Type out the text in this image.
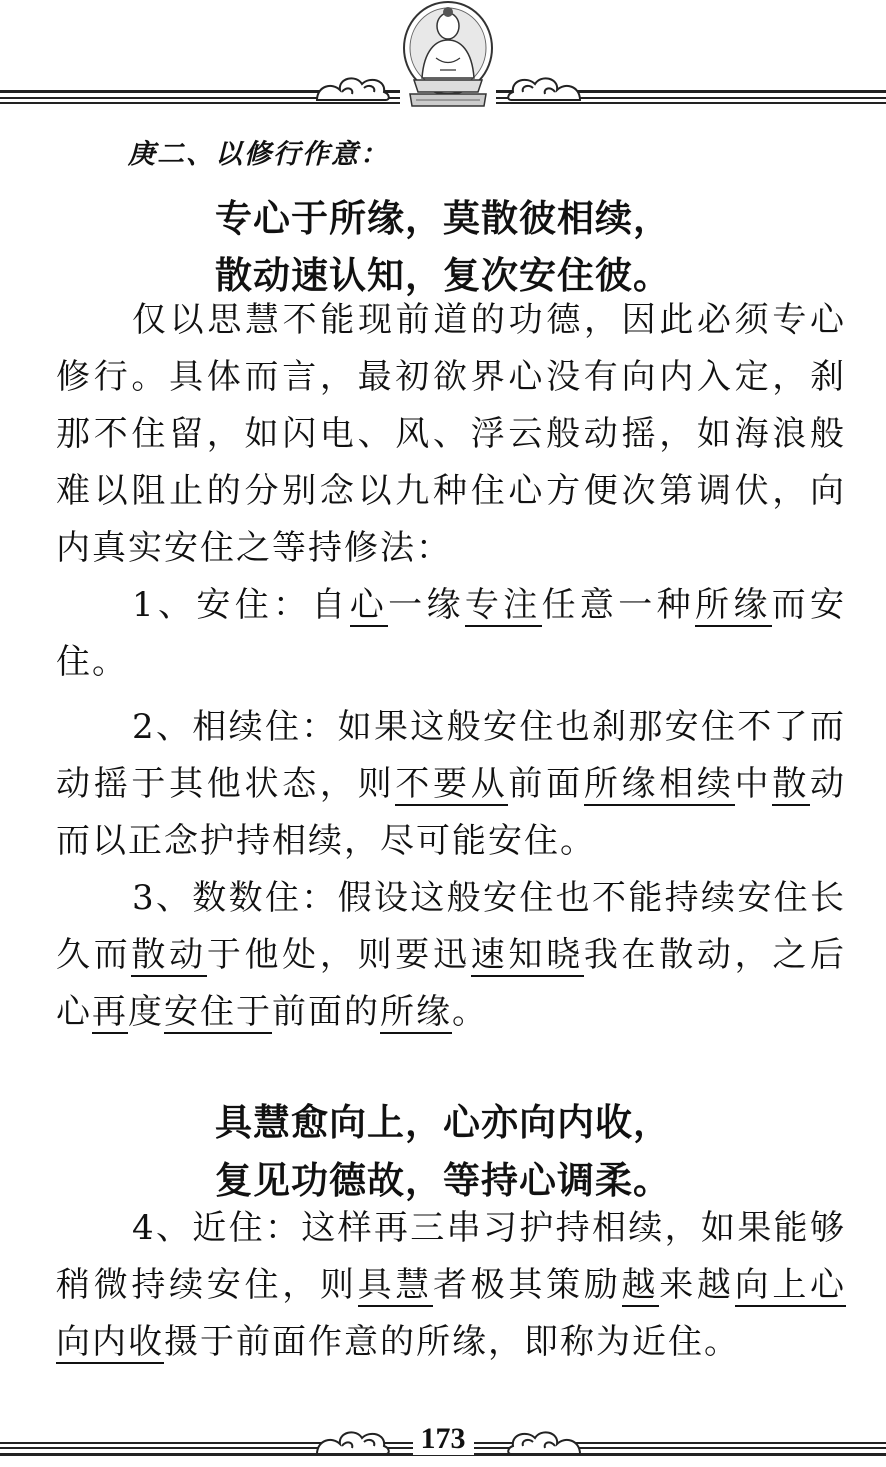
庚二、以修行作意：
专心于所缘，莫散彼相续，
散动速认知，复次安住彼。

仅以思慧不能现前道的功德，因此必须专心修行。具体而言，最初欲界心没有向内入定，刹那不住留，如闪电、风、浮云般动摇，如海浪般难以阻止的分别念以九种住心方便次第调伏，向内真实安住之等持修法：

1、安住：自心一缘专注任意一种所缘而安住。

2、相续住：如果这般安住也刹那安住不了而动摇于其他状态，则不要从前面所缘相续中散动而以正念护持相续，尽可能安住。

3、数数住：假设这般安住也不能持续安住长久而散动于他处，则要迅速知晓我在散动，之后心再度安住于前面的所缘。

具慧愈向上，心亦向内收，
复见功德故，等持心调柔。

4、近住：这样再三串习护持相续，如果能够稍微持续安住，则具慧者极其策励越来越向上心向内收摄于前面作意的所缘，即称为近住。

173
